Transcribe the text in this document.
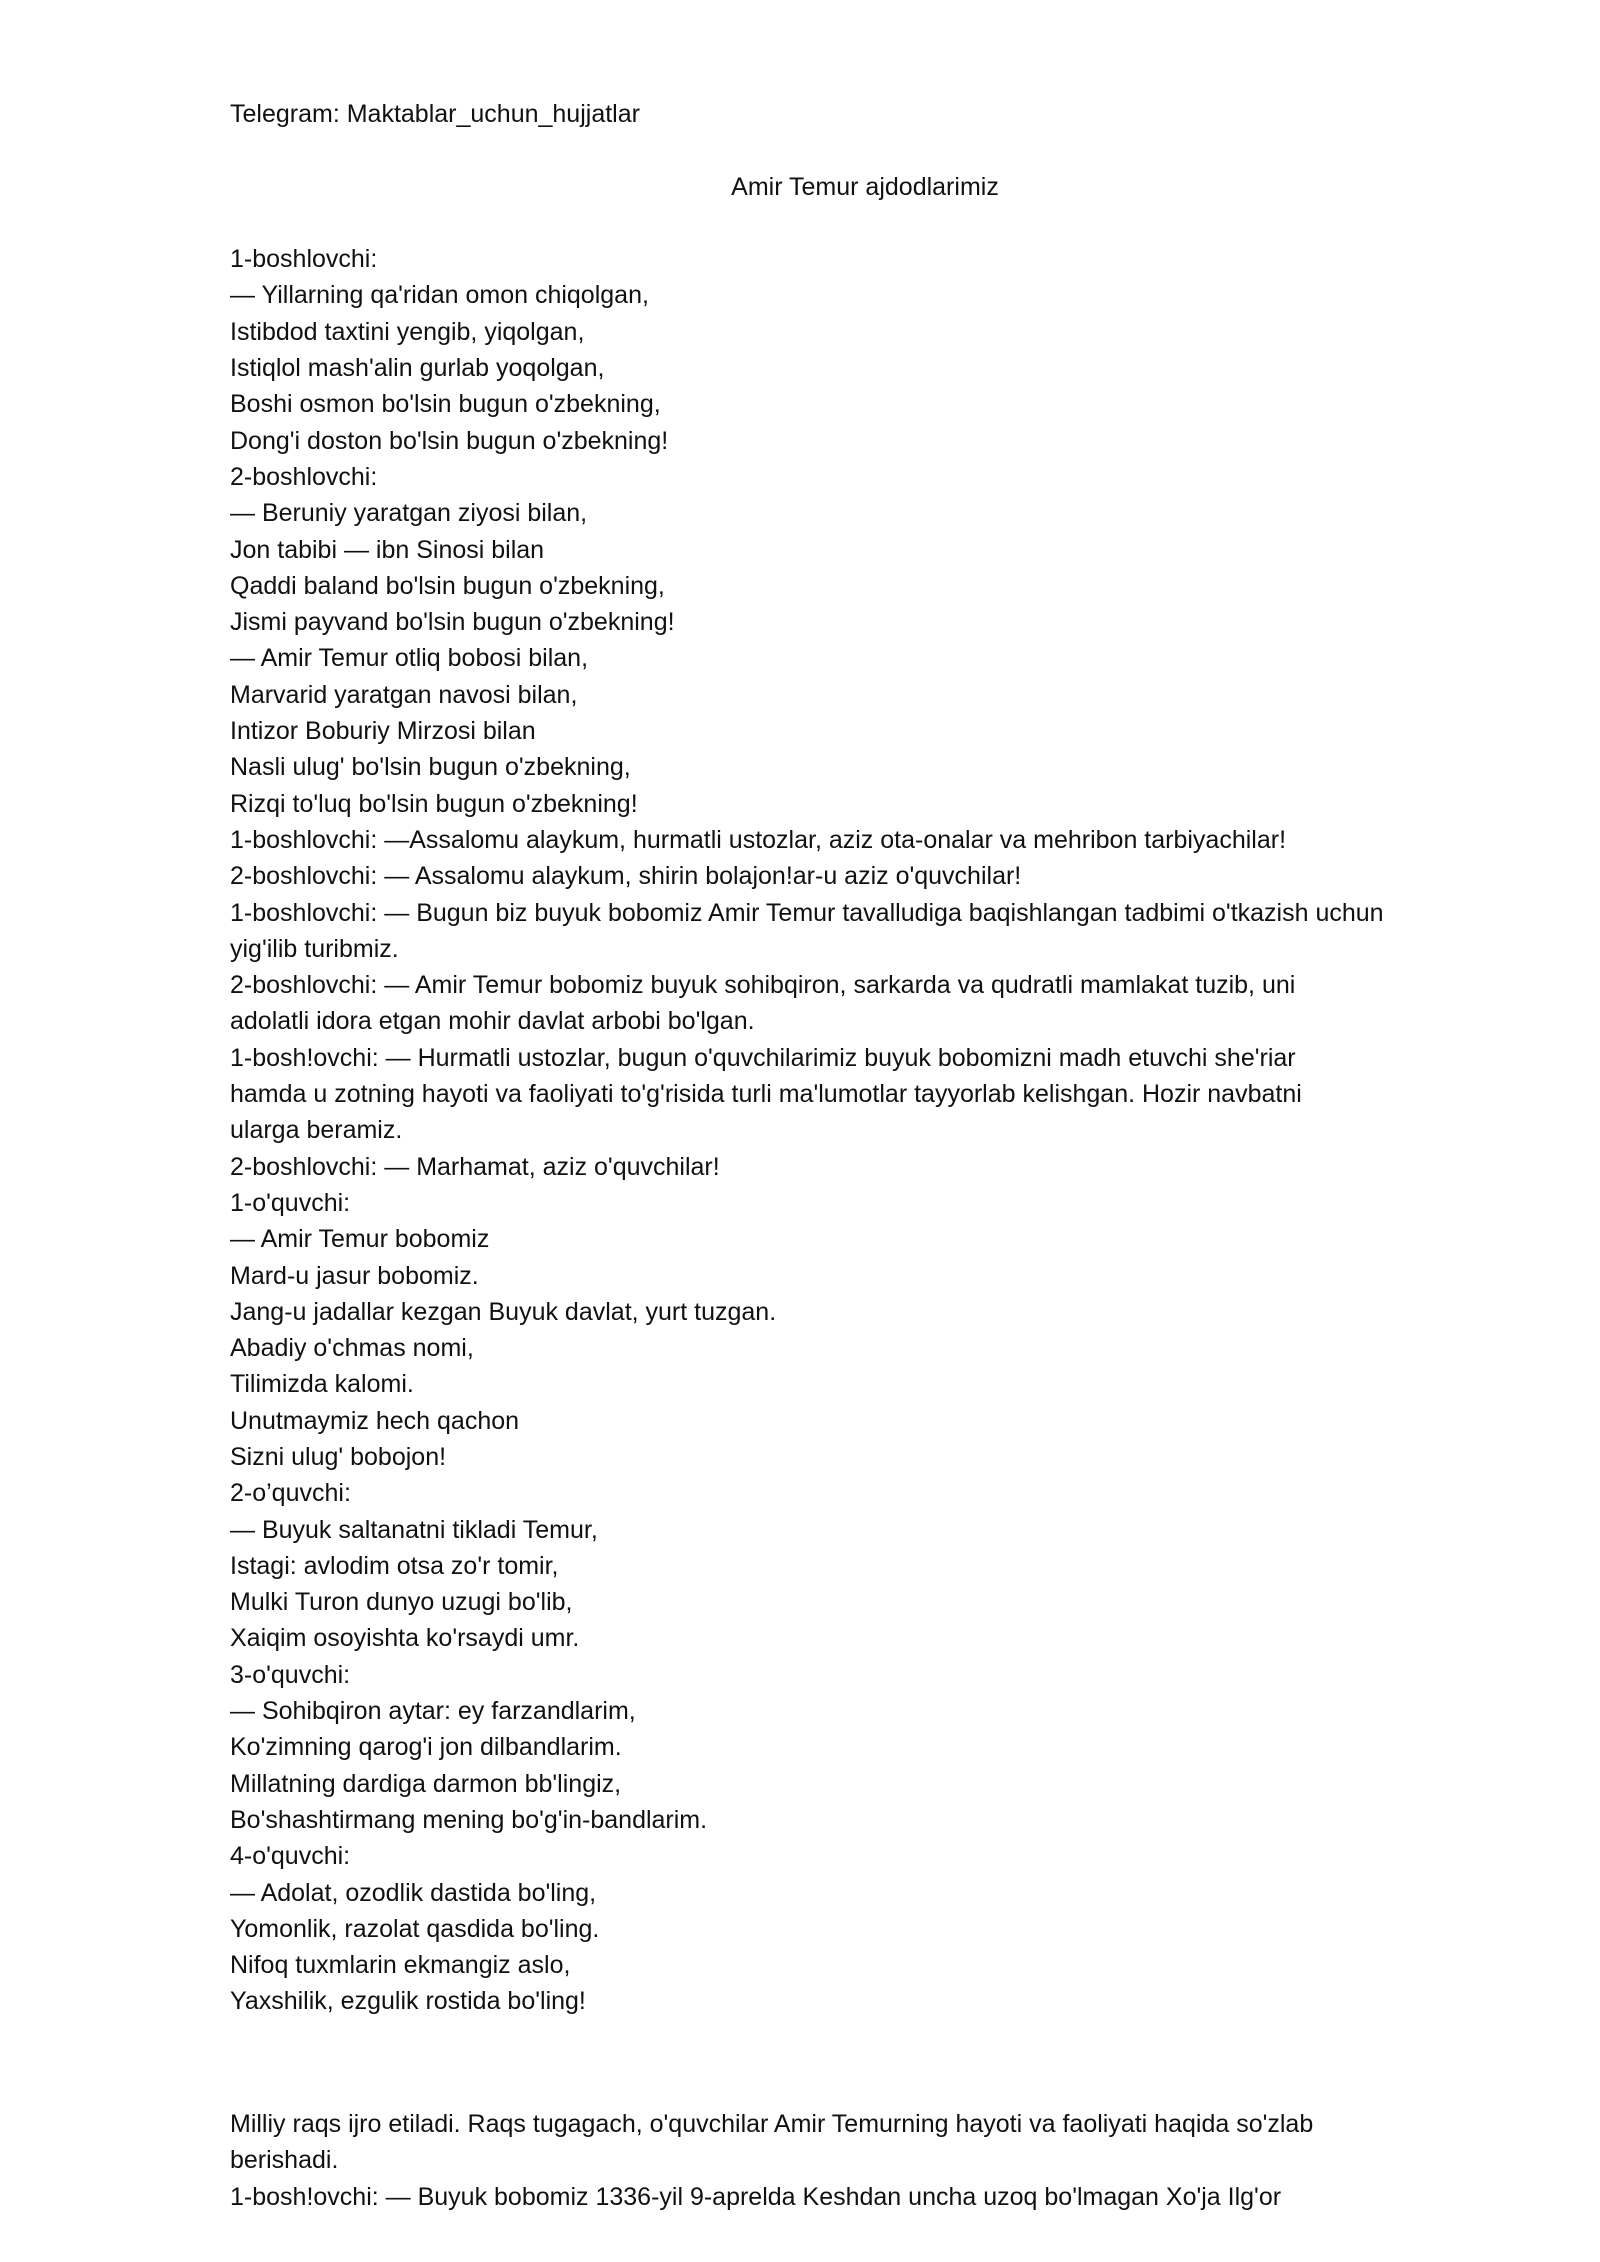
Telegram: Maktablar_uchun_hujjatlar

Amir Temur ajdodlarimiz

1-boshlovchi:

— Yillarning qa'ridan omon chiqolgan,

Istibdod taxtini yengib, yiqolgan,

Istiqlol mash'alin gurlab yoqolgan,

Boshi osmon bo'lsin bugun o'zbekning,

Dong'i doston bo'lsin bugun o'zbekning!

2-boshlovchi:

— Beruniy yaratgan ziyosi bilan,

Jon tabibi — ibn Sinosi bilan

Qaddi baland bo'lsin bugun o'zbekning,

Jismi payvand bo'lsin bugun o'zbekning!

— Amir Temur otliq bobosi bilan,

Marvarid yaratgan navosi bilan,

Intizor Boburiy Mirzosi bilan

Nasli ulug' bo'lsin bugun o'zbekning,

Rizqi to'luq bo'lsin bugun o'zbekning!

1-boshlovchi: —Assalomu alaykum, hurmatli ustozlar, aziz ota-onalar va mehribon tarbiyachilar!

2-boshlovchi: — Assalomu alaykum, shirin bolajon!ar-u aziz o'quvchilar!

1-boshlovchi: — Bugun biz buyuk bobomiz Amir Temur tavalludiga baqishlangan tadbimi o'tkazish uchun

yig'ilib turibmiz.

2-boshlovchi: — Amir Temur bobomiz buyuk sohibqiron, sarkarda va qudratli mamlakat tuzib, uni

adolatli idora etgan mohir davlat arbobi bo'lgan.

1-bosh!ovchi: — Hurmatli ustozlar, bugun o'quvchilarimiz buyuk bobomizni madh etuvchi she'riar

hamda u zotning hayoti va faoliyati to'g'risida turli ma'lumotlar tayyorlab kelishgan. Hozir navbatni

ularga beramiz.

2-boshlovchi: — Marhamat, aziz o'quvchilar!

1-o'quvchi:

— Amir Temur bobomiz

Mard-u jasur bobomiz.

Jang-u jadallar kezgan Buyuk davlat, yurt tuzgan.

Abadiy o'chmas nomi,

Tilimizda kalomi.

Unutmaymiz hech qachon

Sizni ulug' bobojon!

2-o’quvchi:

— Buyuk saltanatni tikladi Temur,

Istagi: avlodim otsa zo'r tomir,

Mulki Turon dunyo uzugi bo'lib,

Xaiqim osoyishta ko'rsaydi umr.

3-o'quvchi:

— Sohibqiron aytar: ey farzandlarim,

Ko'zimning qarog'i jon dilbandlarim.

Millatning dardiga darmon bb'lingiz,

Bo'shashtirmang mening bo'g'in-bandlarim.

4-o'quvchi:

— Adolat, ozodlik dastida bo'ling,

Yomonlik, razolat qasdida bo'ling.

Nifoq tuxmlarin ekmangiz aslo,

Yaxshilik, ezgulik rostida bo'ling!

Milliy raqs ijro etiladi. Raqs tugagach, o'quvchilar Amir Temurning hayoti va faoliyati haqida so'zlab

berishadi.

1-bosh!ovchi: — Buyuk bobomiz 1336-yil 9-aprelda Keshdan uncha uzoq bo'lmagan Xo'ja Ilg'or
